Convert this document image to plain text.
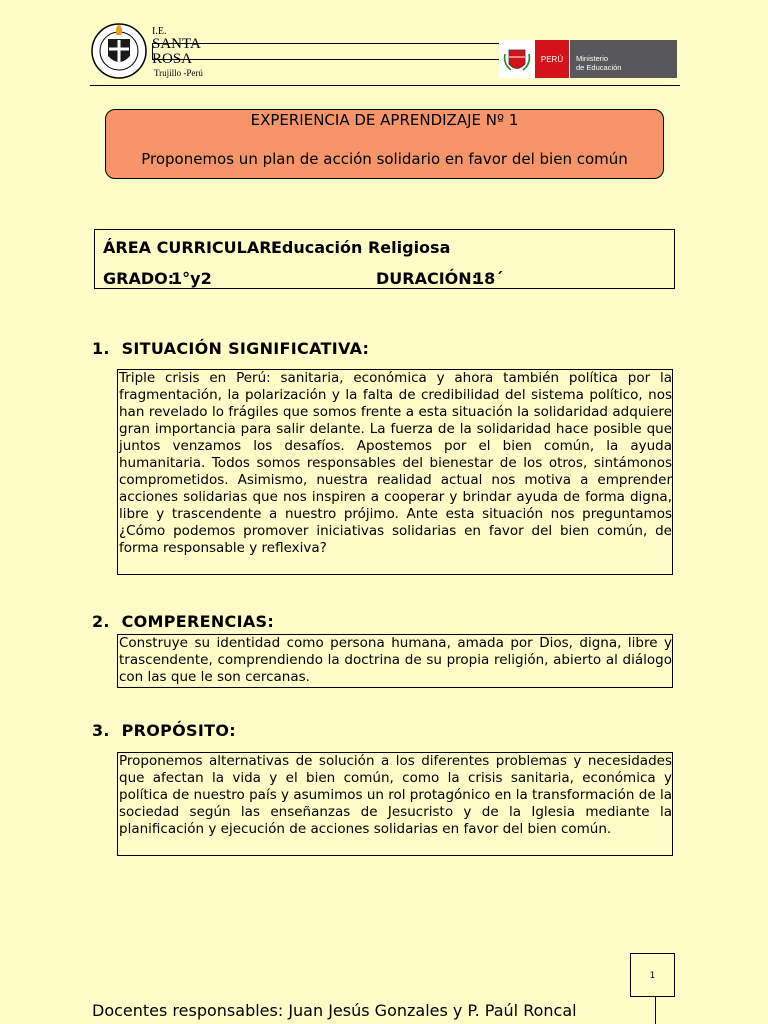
I.E.
SANTA
ROSA
Trujillo -Perú
PERÚ	Ministerio
de Educación
EXPERIENCIA DE APRENDIZAJE Nº 1
Proponemos un plan de acción solidario en favor del bien común
ÁREA CURRICULAR:
Educación Religiosa
GRADO:
1°y2	DURACIÓN:
18´
1. SITUACIÓN SIGNIFICATIVA:
Triple crisis en Perú: sanitaria, económica y ahora también política por la fragmentación, la polarización y la falta de credibilidad del sistema político, nos han revelado lo frágiles que somos frente a esta situación la solidaridad adquiere gran importancia para salir delante. La fuerza de la solidaridad hace posible que juntos venzamos los desafíos. Apostemos por el bien común, la ayuda humanitaria. Todos somos responsables del bienestar de los otros, sintámonos comprometidos. Asimismo, nuestra realidad actual nos motiva a emprender acciones solidarias que nos inspiren a cooperar y brindar ayuda de forma digna, libre y trascendente a nuestro prójimo. Ante esta situación nos preguntamos ¿Cómo podemos promover iniciativas solidarias en favor del bien común, de forma responsable y reflexiva?
2. COMPERENCIAS:
Construye su identidad como persona humana, amada por Dios, digna, libre y trascendente, comprendiendo la doctrina de su propia religión, abierto al diálogo con las que le son cercanas.
3. PROPÓSITO:
Proponemos alternativas de solución a los diferentes problemas y necesidades que afectan la vida y el bien común, como la crisis sanitaria, económica y política de nuestro país y asumimos un rol protagónico en la transformación de la sociedad según las enseñanzas de Jesucristo y de la Iglesia mediante la planificación y ejecución de acciones solidarias en favor del bien común.
1
Docentes responsables: Juan Jesús Gonzales y P. Paúl Roncal
